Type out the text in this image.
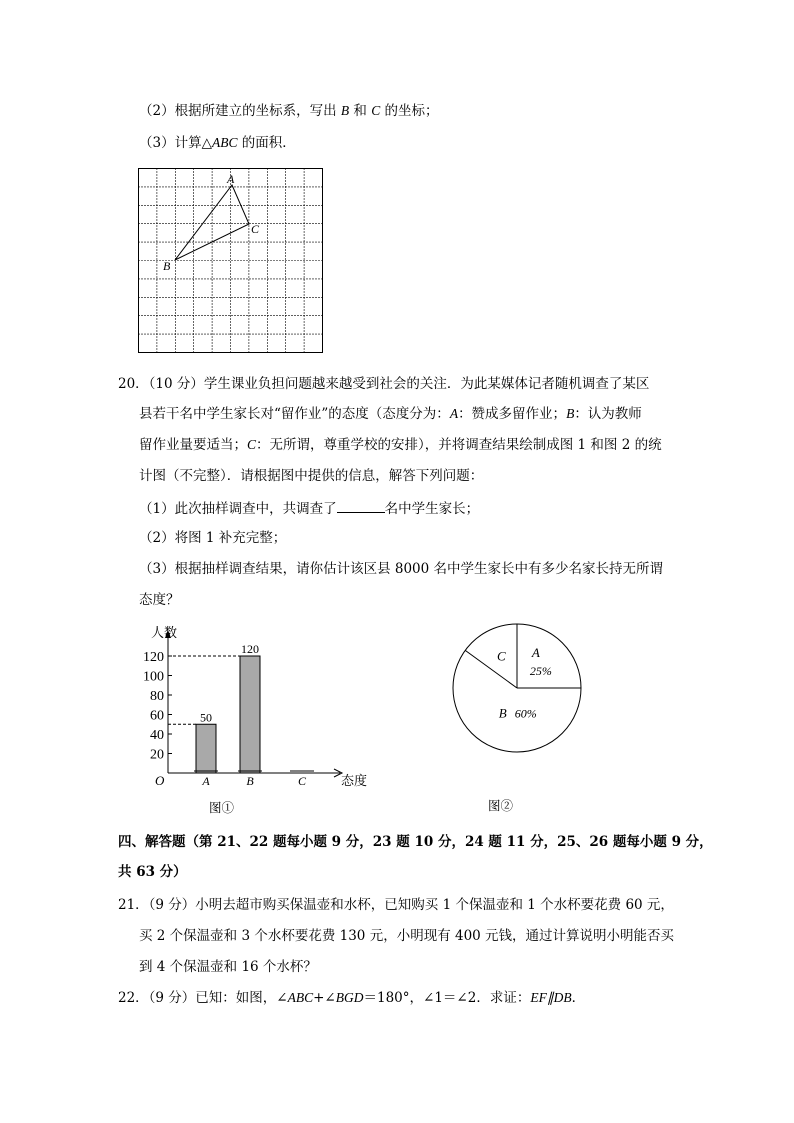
（2）根据所建立的坐标系，写出 B 和 C 的坐标；
（3）计算△ABC 的面积．
A
C
B
20．（10 分）学生课业负担问题越来越受到社会的关注．为此某媒体记者随机调查了某区
县若干名中学生家长对“留作业”的态度（态度分为：A：赞成多留作业；B：认为教师
留作业量要适当；C：无所谓，尊重学校的安排），并将调查结果绘制成图 1 和图 2 的统
计图（不完整）．请根据图中提供的信息，解答下列问题：
（1）此次抽样调查中，共调查了	名中学生家长；
（2）将图 1 补充完整；
（3）根据抽样调查结果，请你估计该区县 8000 名中学生家长中有多少名家长持无所谓
态度？
人数
态度
O
120
100
80
60
40
20
50
A
120
B	C
图①
A
25%
B 60%
C
图②
四、解答题（第 21、22 题每小题 9 分，23 题 10 分，24 题 11 分，25、26 题每小题 9 分，
共 63 分）
21．（9 分）小明去超市购买保温壶和水杯，已知购买 1 个保温壶和 1 个水杯要花费 60 元，
买 2 个保温壶和 3 个水杯要花费 130 元，小明现有 400 元钱，通过计算说明小明能否买
到 4 个保温壶和 16 个水杯？
22．（9 分）已知：如图，∠ABC+∠BGD＝180°，∠1＝∠2．求证：EF∥DB．
